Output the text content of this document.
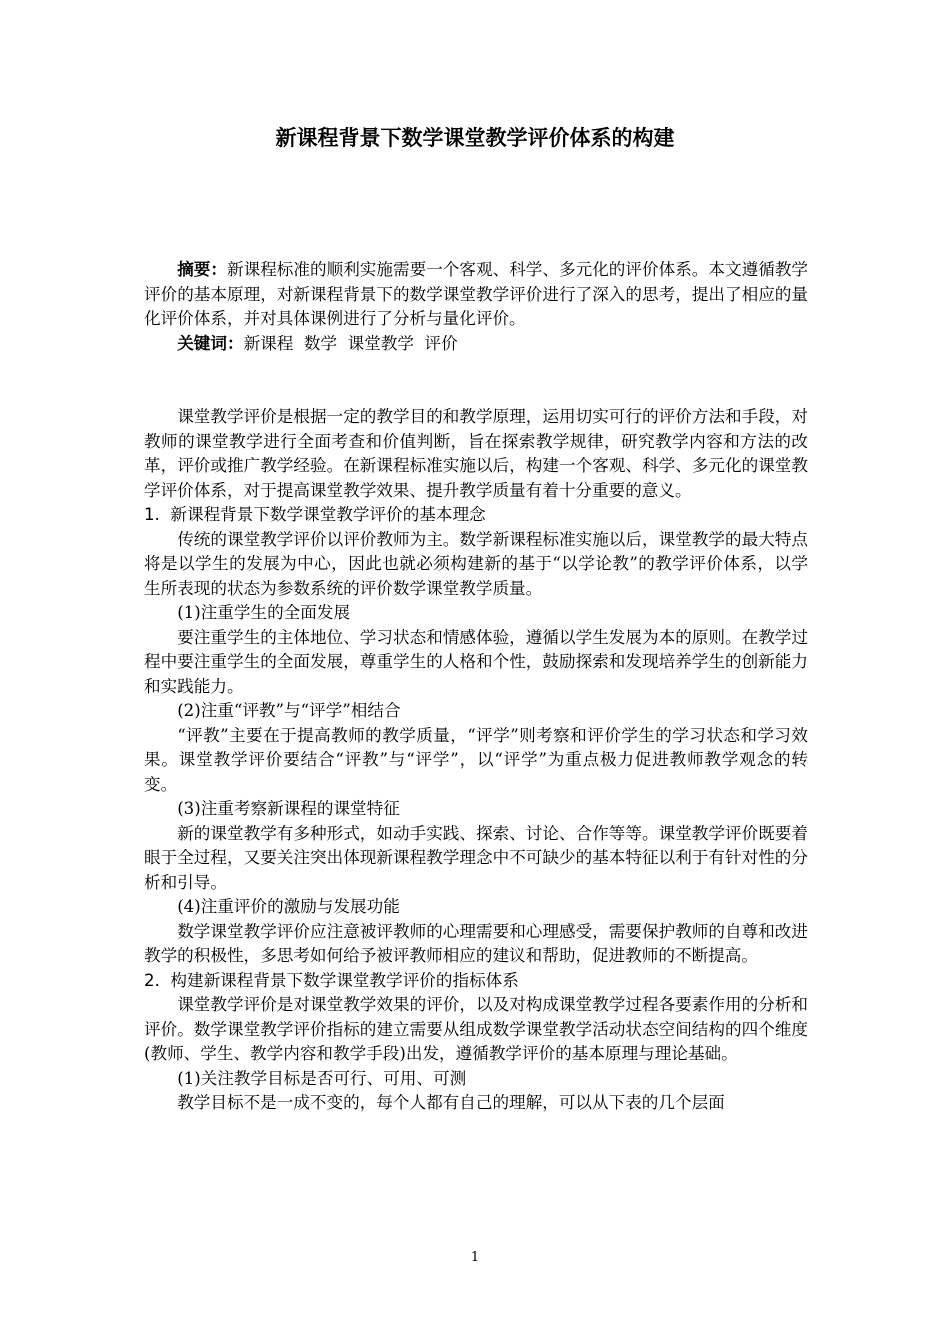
新课程背景下数学课堂教学评价体系的构建

摘要：新课程标准的顺利实施需要一个客观、科学、多元化的评价体系。本文遵循教学评价的基本原理，对新课程背景下的数学课堂教学评价进行了深入的思考，提出了相应的量化评价体系，并对具体课例进行了分析与量化评价。

关键词：新课程  数学  课堂教学  评价

课堂教学评价是根据一定的教学目的和教学原理，运用切实可行的评价方法和手段，对教师的课堂教学进行全面考查和价值判断，旨在探索教学规律，研究教学内容和方法的改革，评价或推广教学经验。在新课程标准实施以后，构建一个客观、科学、多元化的课堂教学评价体系，对于提高课堂教学效果、提升教学质量有着十分重要的意义。

1.  新课程背景下数学课堂教学评价的基本理念

传统的课堂教学评价以评价教师为主。数学新课程标准实施以后，课堂教学的最大特点将是以学生的发展为中心，因此也就必须构建新的基于“以学论教”的教学评价体系，以学生所表现的状态为参数系统的评价数学课堂教学质量。

(1)注重学生的全面发展

要注重学生的主体地位、学习状态和情感体验，遵循以学生发展为本的原则。在教学过程中要注重学生的全面发展，尊重学生的人格和个性，鼓励探索和发现培养学生的创新能力和实践能力。

(2)注重“评教”与“评学”相结合

“评教”主要在于提高教师的教学质量，“评学”则考察和评价学生的学习状态和学习效果。课堂教学评价要结合“评教”与“评学”，以“评学”为重点极力促进教师教学观念的转变。

(3)注重考察新课程的课堂特征

新的课堂教学有多种形式，如动手实践、探索、讨论、合作等等。课堂教学评价既要着眼于全过程，又要关注突出体现新课程教学理念中不可缺少的基本特征以利于有针对性的分析和引导。

(4)注重评价的激励与发展功能

数学课堂教学评价应注意被评教师的心理需要和心理感受，需要保护教师的自尊和改进教学的积极性，多思考如何给予被评教师相应的建议和帮助，促进教师的不断提高。

2.  构建新课程背景下数学课堂教学评价的指标体系

课堂教学评价是对课堂教学效果的评价，以及对构成课堂教学过程各要素作用的分析和评价。数学课堂教学评价指标的建立需要从组成数学课堂教学活动状态空间结构的四个维度(教师、学生、教学内容和教学手段)出发，遵循教学评价的基本原理与理论基础。

(1)关注教学目标是否可行、可用、可测

教学目标不是一成不变的，每个人都有自己的理解，可以从下表的几个层面

1
